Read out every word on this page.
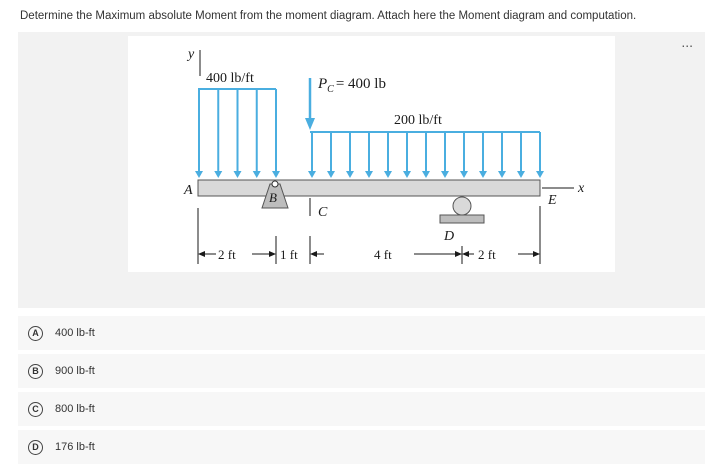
Determine the Maximum absolute Moment from the moment diagram. Attach here the Moment diagram and computation.
...
y
400 lb/ft	$P_C = 400$ lb
200 lb/ft
A
E
x
B
C
D
2 ft	1 ft	4 ft	2 ft
A	400 lb-ft
B	900 lb-ft
C	800 lb-ft
D	176 lb-ft
